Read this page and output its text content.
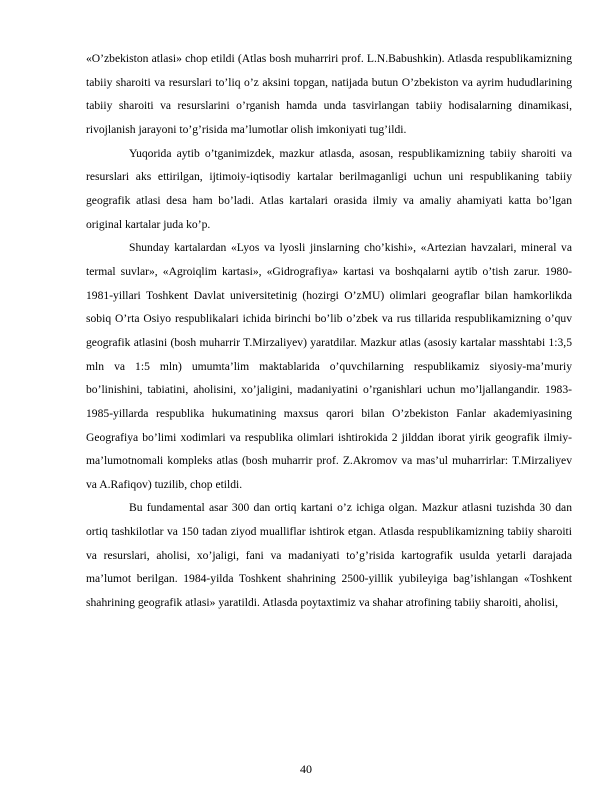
«O’zbekiston atlasi» chop etildi (Atlas bosh muharriri prof. L.N.Babushkin). Atlasda respublikamizning tabiiy sharoiti va resurslari to’liq o’z aksini topgan, natijada butun O’zbekiston va ayrim hududlarining tabiiy sharoiti va resurslarini o’rganish hamda unda tasvirlangan tabiiy hodisalarning dinamikasi, rivojlanish jarayoni to’g’risida ma’lumotlar olish imkoniyati tug’ildi.

Yuqorida aytib o’tganimizdek, mazkur atlasda, asosan, respublikamizning tabiiy sharoiti va resurslari aks ettirilgan, ijtimoiy-iqtisodiy kartalar berilmaganligi uchun uni respublikaning tabiiy geografik atlasi desa ham bo’ladi. Atlas kartalari orasida ilmiy va amaliy ahamiyati katta bo’lgan original kartalar juda ko’p.

Shunday kartalardan «Lyos va lyosli jinslarning cho’kishi», «Artezian havzalari, mineral va termal suvlar», «Agroiqlim kartasi», «Gidrografiya» kartasi va boshqalarni aytib o’tish zarur. 1980-1981-yillari Toshkent Davlat universitetinig (hozirgi O’zMU) olimlari geograflar bilan hamkorlikda sobiq O’rta Osiyo respublikalari ichida birinchi bo’lib o’zbek va rus tillarida respublikamizning o’quv geografik atlasini (bosh muharrir T.Mirzaliyev) yaratdilar. Mazkur atlas (asosiy kartalar masshtabi 1:3,5 mln va 1:5 mln) umumta’lim maktablarida o’quvchilarning respublikamiz siyosiy-ma’muriy bo’linishini, tabiatini, aholisini, xo’jaligini, madaniyatini o’rganishlari uchun mo’ljallangandir. 1983-1985-yillarda respublika hukumatining maxsus qarori bilan O’zbekiston Fanlar akademiyasining Geografiya bo’limi xodimlari va respublika olimlari ishtirokida 2 jilddan iborat yirik geografik ilmiy-ma’lumotnomali kompleks atlas (bosh muharrir prof. Z.Akromov va mas’ul muharrirlar: T.Mirzaliyev va A.Rafiqov) tuzilib, chop etildi.

Bu fundamental asar 300 dan ortiq kartani o’z ichiga olgan. Mazkur atlasni tuzishda 30 dan ortiq tashkilotlar va 150 tadan ziyod mualliflar ishtirok etgan. Atlasda respublikamizning tabiiy sharoiti va resurslari, aholisi, xo’jaligi, fani va madaniyati to’g’risida kartografik usulda yetarli darajada ma’lumot berilgan. 1984-yilda Toshkent shahrining 2500-yillik yubileyiga bag’ishlangan «Toshkent shahrining geografik atlasi» yaratildi. Atlasda poytaxtimiz va shahar atrofining tabiiy sharoiti, aholisi,

40
